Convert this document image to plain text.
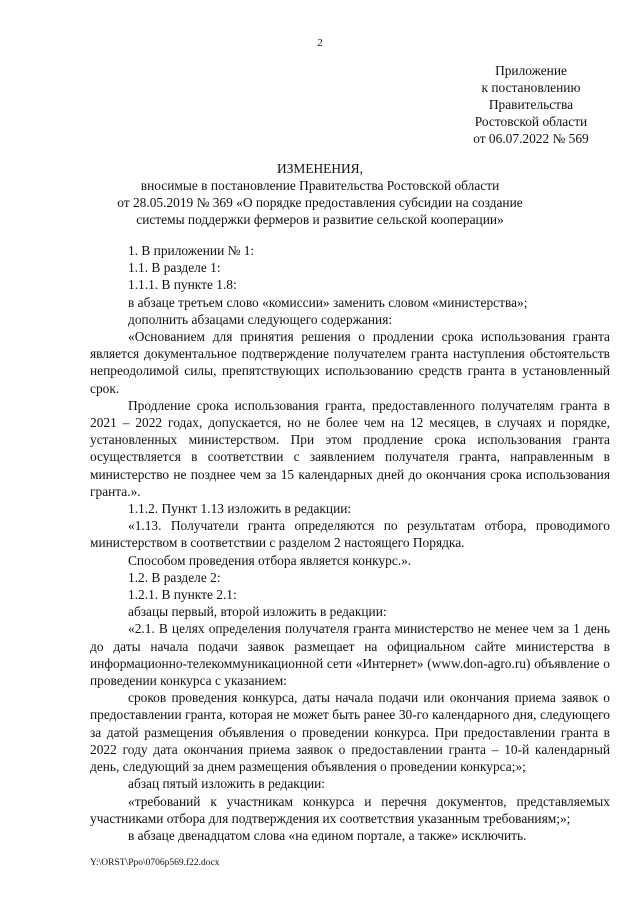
2
Приложение
к постановлению
Правительства
Ростовской области
от 06.07.2022 № 569
ИЗМЕНЕНИЯ,
вносимые в постановление Правительства Ростовской области
от 28.05.2019 № 369 «О порядке предоставления субсидии на создание
системы поддержки фермеров и развитие сельской кооперации»

1. В приложении № 1:

1.1. В разделе 1:

1.1.1. В пункте 1.8:

в абзаце третьем слово «комиссии» заменить словом «министерства»;

дополнить абзацами следующего содержания:

«Основанием для принятия решения о продлении срока использования гранта является документальное подтверждение получателем гранта наступления обстоятельств непреодолимой силы, препятствующих использованию средств гранта в установленный срок.

Продление срока использования гранта, предоставленного получателям гранта в 2021 – 2022 годах, допускается, но не более чем на 12 месяцев, в случаях и порядке, установленных министерством. При этом продление срока использования гранта осуществляется в соответствии с заявлением получателя гранта, направленным в министерство не позднее чем за 15 календарных дней до окончания срока использования гранта.».

1.1.2. Пункт 1.13 изложить в редакции:

«1.13. Получатели гранта определяются по результатам отбора, проводимого министерством в соответствии с разделом 2 настоящего Порядка.

Способом проведения отбора является конкурс.».

1.2. В разделе 2:

1.2.1. В пункте 2.1:

абзацы первый, второй изложить в редакции:

«2.1. В целях определения получателя гранта министерство не менее чем за 1 день до даты начала подачи заявок размещает на официальном сайте министерства в информационно-телекоммуникационной сети «Интернет» (www.don-agro.ru) объявление о проведении конкурса с указанием:

сроков проведения конкурса, даты начала подачи или окончания приема заявок о предоставлении гранта, которая не может быть ранее 30-го календарного дня, следующего за датой размещения объявления о проведении конкурса. При предоставлении гранта в 2022 году дата окончания приема заявок о предоставлении гранта – 10-й календарный день, следующий за днем размещения объявления о проведении конкурса;»;

абзац пятый изложить в редакции:

«требований к участникам конкурса и перечня документов, представляемых участниками отбора для подтверждения их соответствия указанным требованиям;»;

в абзаце двенадцатом слова «на едином портале, а также» исключить.

Y:\ORST\Ppo\0706p569.f22.docx
